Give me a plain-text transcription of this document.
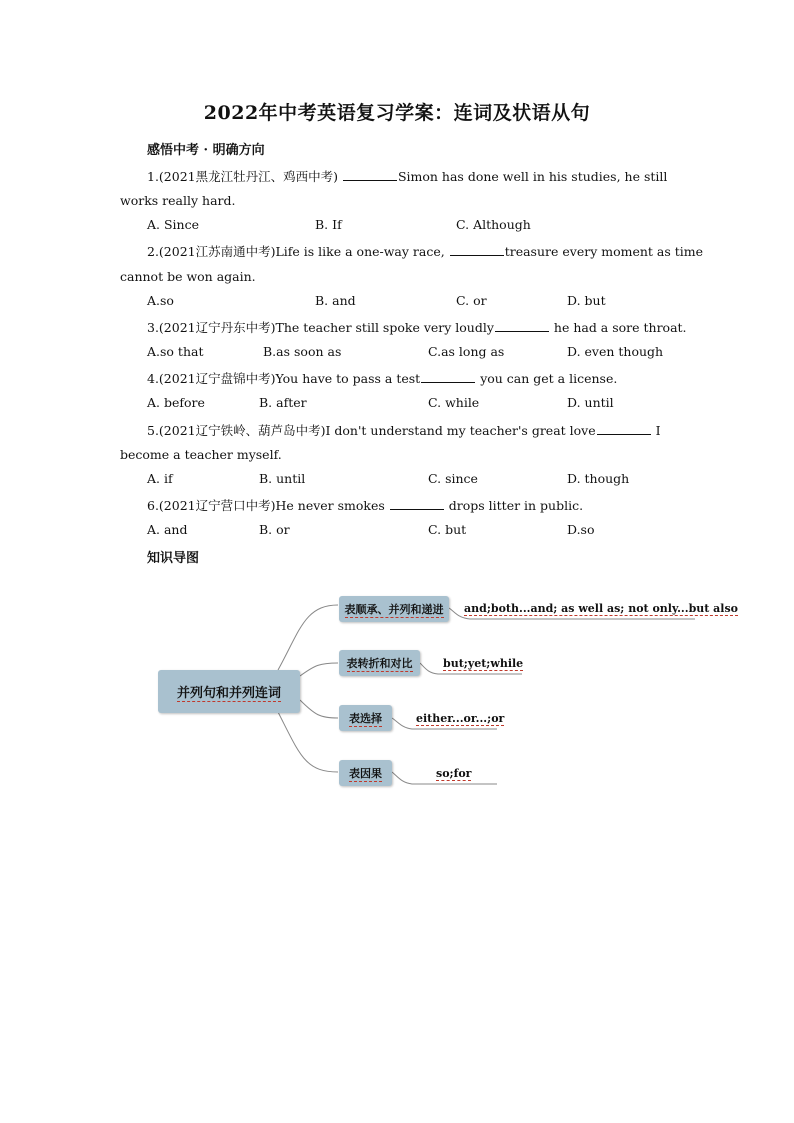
2022年中考英语复习学案：连词及状语从句
感悟中考 · 明确方向
1.(2021黑龙江牡丹江、鸡西中考)	Simon has done well in his studies, he still
works really hard.
A. Since	B. If	C. Although
2.(2021江苏南通中考)Life is like a one-way race,	treasure every moment as time
cannot be won again.
A.so	B. and	C. or	D. but
3.(2021辽宁丹东中考)The teacher still spoke very loudly	he had a sore throat.
A.so that	B.as soon as	C.as long as	D. even though
4.(2021辽宁盘锦中考)You have to pass a test	you can get a license.
A. before	B. after	C. while	D. until
5.(2021辽宁铁岭、葫芦岛中考)I don't understand my teacher's great love	I
become a teacher myself.
A. if	B. until	C. since	D. though
6.(2021辽宁营口中考)He never smokes	drops litter in public.
A. and	B. or	C. but	D.so
知识导图
并列句和并列连词
表顺承、并列和递进 and;both...and; as well as; not only...but also
表转折和对比	but;yet;while
表选择	either...or...;or
表因果	so;for
